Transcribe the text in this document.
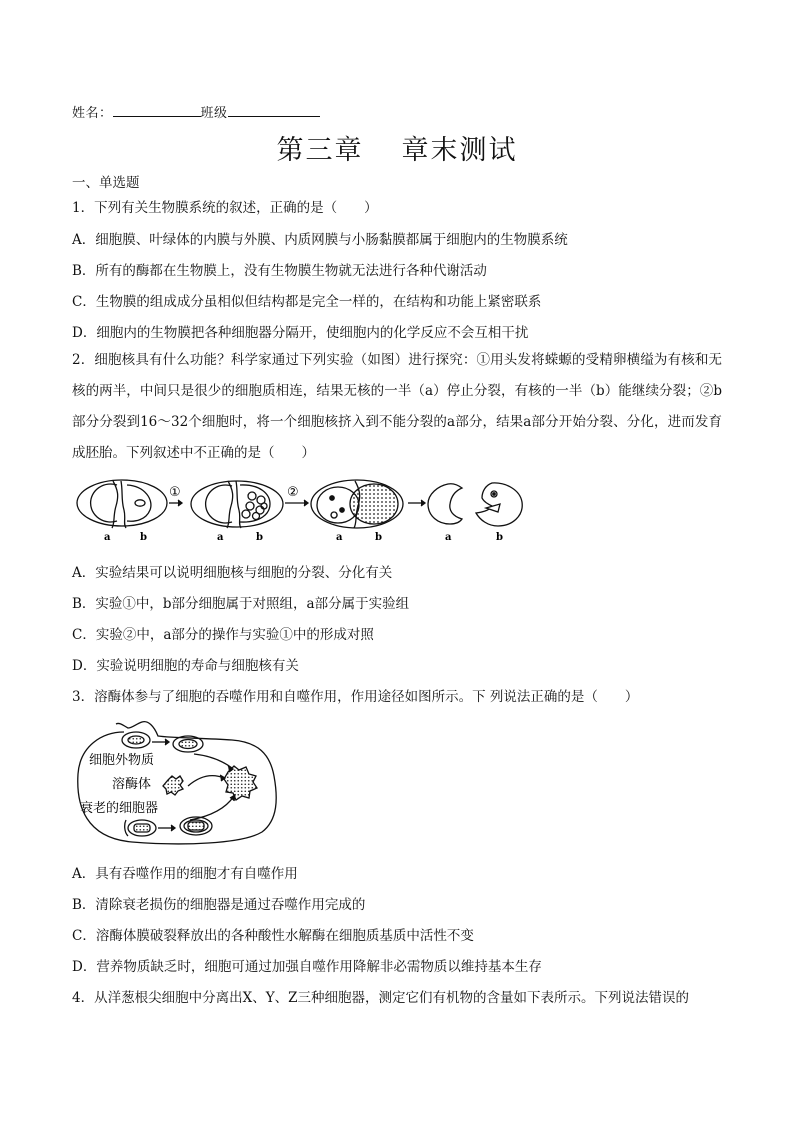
姓名：	班级
第三章 章末测试
一、单选题
1．下列有关生物膜系统的叙述，正确的是（　　）
A．细胞膜、叶绿体的内膜与外膜、内质网膜与小肠黏膜都属于细胞内的生物膜系统
B．所有的酶都在生物膜上，没有生物膜生物就无法进行各种代谢活动
C．生物膜的组成成分虽相似但结构都是完全一样的，在结构和功能上紧密联系
D．细胞内的生物膜把各种细胞器分隔开，使细胞内的化学反应不会互相干扰
2．细胞核具有什么功能？科学家通过下列实验（如图）进行探究：①用头发将蝾螈的受精卵横缢为有核和无核的两半，中间只是很少的细胞质相连，结果无核的一半（a）停止分裂，有核的一半（b）能继续分裂；②b部分分裂到16～32个细胞时，将一个细胞核挤入到不能分裂的a部分，结果a部分开始分裂、分化，进而发育成胚胎。下列叙述中不正确的是（　　）
①	②
a	b	a	b	a	b	a	b
A．实验结果可以说明细胞核与细胞的分裂、分化有关
B．实验①中，b部分细胞属于对照组，a部分属于实验组
C．实验②中，a部分的操作与实验①中的形成对照
D．实验说明细胞的寿命与细胞核有关
3．溶酶体参与了细胞的吞噬作用和自噬作用，作用途径如图所示。下 列说法正确的是（　　）
细胞外物质
溶酶体
衰老的细胞器
A．具有吞噬作用的细胞才有自噬作用
B．清除衰老损伤的细胞器是通过吞噬作用完成的
C．溶酶体膜破裂释放出的各种酸性水解酶在细胞质基质中活性不变
D．营养物质缺乏时，细胞可通过加强自噬作用降解非必需物质以维持基本生存
4．从洋葱根尖细胞中分离出X、Y、Z三种细胞器，测定它们有机物的含量如下表所示。下列说法错误的
